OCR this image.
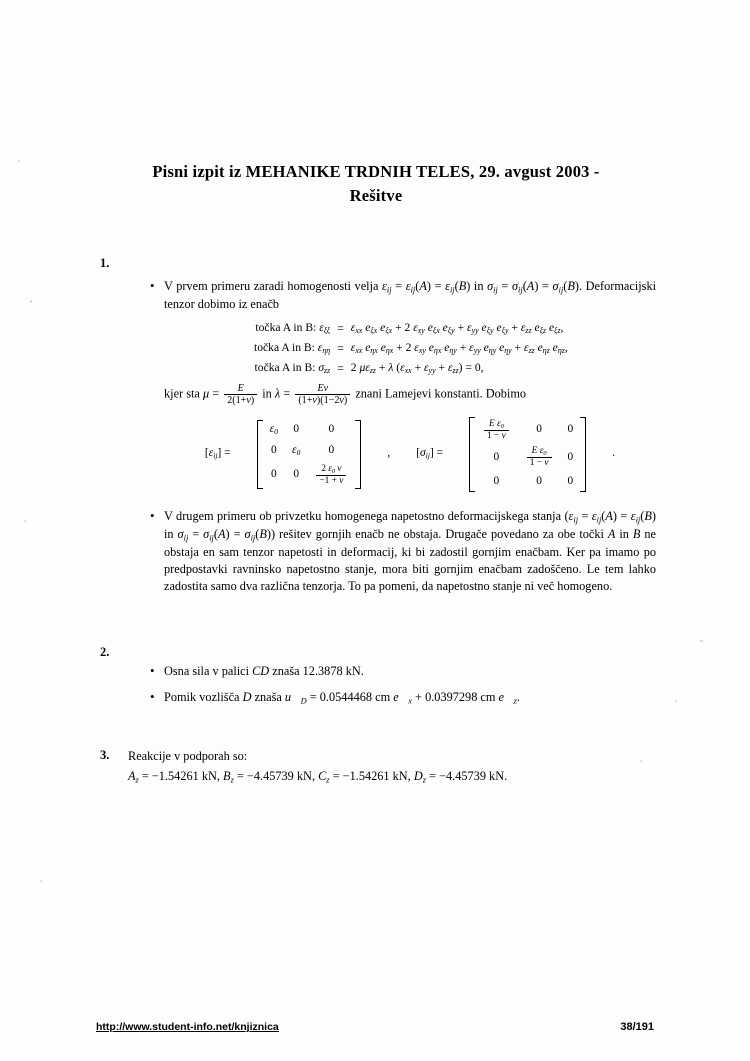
Pisni izpit iz MEHANIKE TRDNIH TELES, 29. avgust 2003 -
Rešitve
1.
• V prvem primeru zaradi homogenosti velja $\varepsilon_{ij} = \varepsilon_{ij}(A) = \varepsilon_{ij}(B)$ in $\sigma_{ij} = \sigma_{ij}(A) = \sigma_{ij}(B)$. Deformacijski tenzor dobimo iz enačb
točka A in B: $\varepsilon_{\xi\xi}$	=	$\varepsilon_{xx}$ $e_{\xi x}$ $e_{\xi x} + 2$ $\varepsilon_{xy}$ $e_{\xi x}$ $e_{\xi y} + \varepsilon_{yy}$ $e_{\xi y}$ $e_{\xi y} + \varepsilon_{zz}$ $e_{\xi z}$ $e_{\xi z}$,
točka A in B: $\varepsilon_{\eta\eta}$	=	$\varepsilon_{xx}$ $e_{\eta x}$ $e_{\eta x} + 2$ $\varepsilon_{xy}$ $e_{\eta x}$ $e_{\eta y} + \varepsilon_{yy}$ $e_{\eta y}$ $e_{\eta y} + \varepsilon_{zz}$ $e_{\eta z}$ $e_{\eta z}$,
točka A in B: $\sigma_{zz}$	=	2 $\mu\varepsilon_{zz} + \lambda$ $(\varepsilon_{xx} + \varepsilon_{yy} + \varepsilon_{zz}) = 0$,
kjer sta $\mu = \frac{E}{2(1+\nu)}$ in $\lambda = \frac{E\nu}{(1+\nu)(1-2\nu)}$ znani Lamejevi konstanti. Dobimo
$[\varepsilon_{ij}]$ =
$\varepsilon_0$	0	0
0	$\varepsilon_0$	0
0	0	$\frac{2 \varepsilon_0 \nu}{-1 + \nu}$
, $[\sigma_{ij}]$ =
$\frac{E \varepsilon_0}{1 - \nu}$	0	0
0	$\frac{E \varepsilon_0}{1 - \nu}$	0
0	0	0
.
• V drugem primeru ob privzetku homogenega napetostno deformacijskega stanja ($\varepsilon_{ij} = \varepsilon_{ij}(A) = \varepsilon_{ij}(B)$ in $\sigma_{ij} = \sigma_{ij}(A) = \sigma_{ij}(B)$) rešitev gornjih enačb ne obstaja. Drugače povedano za obe točki A in B ne obstaja en sam tenzor napetosti in deformacij, ki bi zadostil gornjim enačbam. Ker pa imamo po predpostavki ravninsko napetostno stanje, mora biti gornjim enačbam zadoščeno. Le tem lahko zadostita samo dva različna tenzorja. To pa pomeni, da napetostno stanje ni več homogeno.
2.
• Osna sila v palici CD znaša 12.3878 kN.
• Pomik vozlišča D znaša $u⃗_D = 0.0544468$ cm $e⃗_x + 0.0397298$ cm $e⃗_z$.
3. Reakcije v podporah so:
$A_z = -1.54261$ kN, $B_z = -4.45739$ kN, $C_z = -1.54261$ kN, $D_z = -4.45739$ kN.
http://www.student-info.net/knjiznica	38/191
